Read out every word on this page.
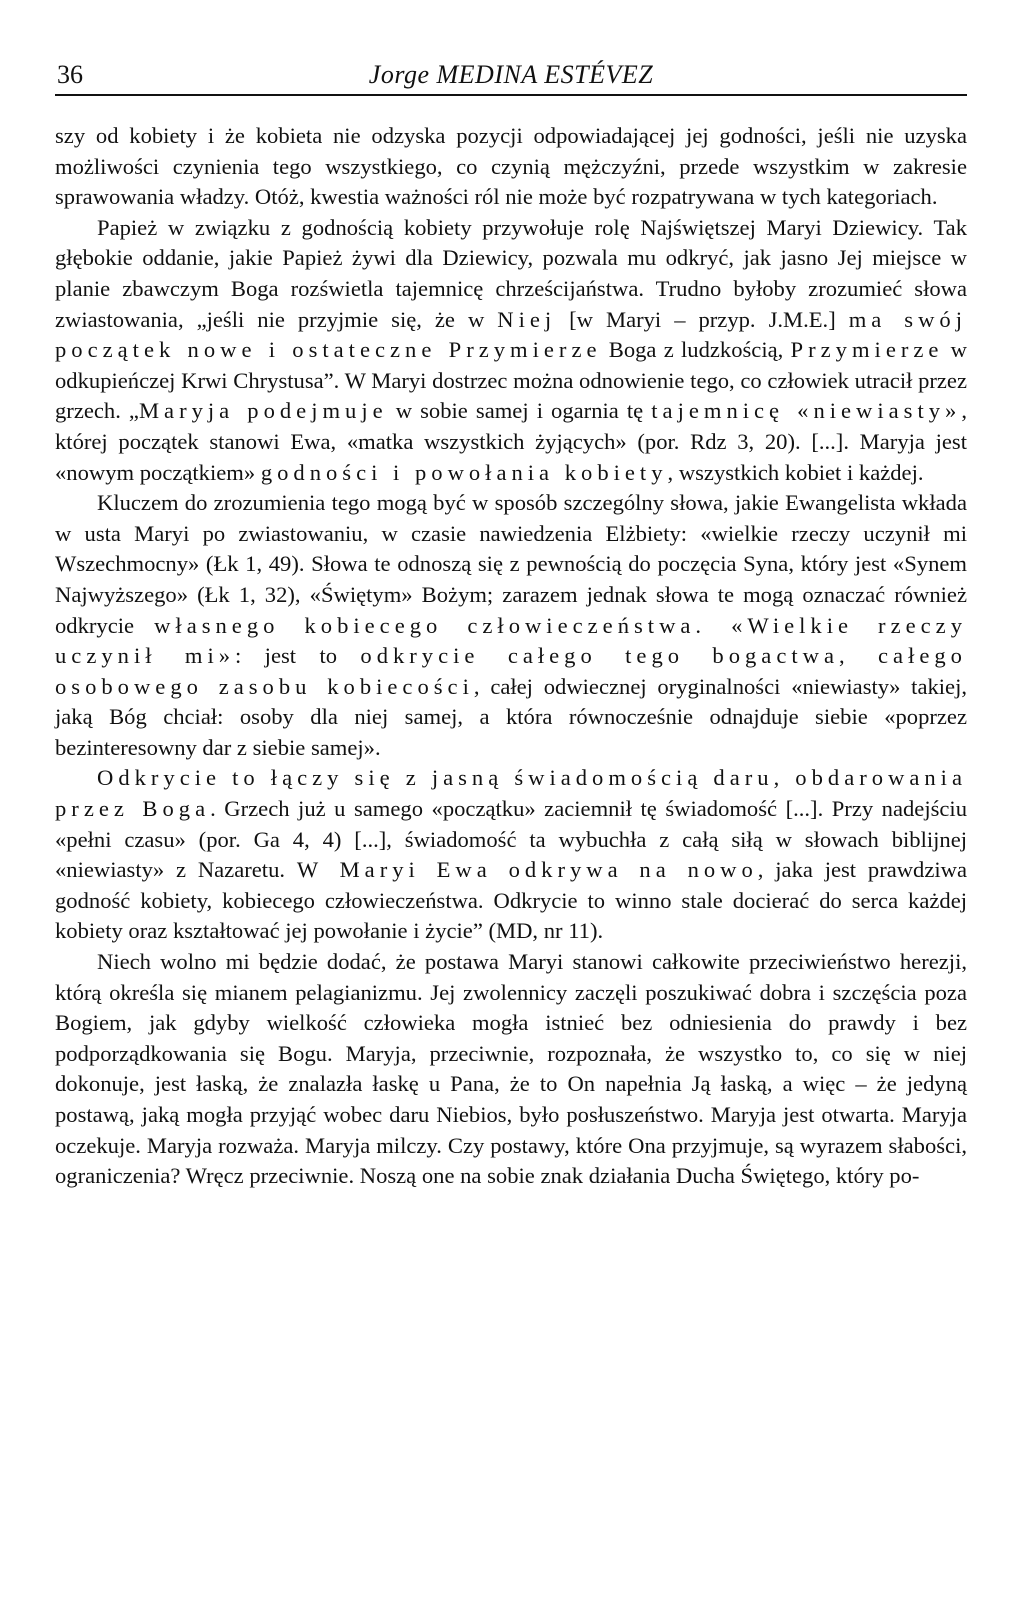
36	Jorge MEDINA ESTÉVEZ

szy od kobiety i że kobieta nie odzyska pozycji odpowiadającej jej godności, jeśli nie uzyska możliwości czynienia tego wszystkiego, co czynią mężczyźni, przede wszystkim w zakresie sprawowania władzy. Otóż, kwestia ważności ról nie może być rozpatrywana w tych kategoriach.

Papież w związku z godnością kobiety przywołuje rolę Najświętszej Maryi Dziewicy. Tak głębokie oddanie, jakie Papież żywi dla Dziewicy, pozwala mu odkryć, jak jasno Jej miejsce w planie zbawczym Boga rozświetla tajemnicę chrześcijaństwa. Trudno byłoby zrozumieć słowa zwiastowania, „jeśli nie przyjmie się, że w Niej [w Maryi – przyp. J.M.E.] ma swój początek nowe i ostateczne Przymierze Boga z ludzkością, Przymierze w odkupieńczej Krwi Chrystusa”. W Maryi dostrzec można odnowienie tego, co człowiek utracił przez grzech. „Maryja podejmuje w sobie samej i ogarnia tę tajemnicę «niewiasty», której początek stanowi Ewa, «matka wszystkich żyjących» (por. Rdz 3, 20). [...]. Maryja jest «nowym początkiem» godności i powołania kobiety, wszystkich kobiet i każdej.

Kluczem do zrozumienia tego mogą być w sposób szczególny słowa, jakie Ewangelista wkłada w usta Maryi po zwiastowaniu, w czasie nawiedzenia Elżbiety: «wielkie rzeczy uczynił mi Wszechmocny» (Łk 1, 49). Słowa te odnoszą się z pewnością do poczęcia Syna, który jest «Synem Najwyższego» (Łk 1, 32), «Świętym» Bożym; zarazem jednak słowa te mogą oznaczać również odkrycie własnego kobiecego człowieczeństwa. «Wielkie rzeczy uczynił mi»: jest to odkrycie całego tego bogactwa, całego osobowego zasobu kobiecości, całej odwiecznej oryginalności «niewiasty» takiej, jaką Bóg chciał: osoby dla niej samej, a która równocześnie odnajduje siebie «poprzez bezinteresowny dar z siebie samej».

Odkrycie to łączy się z jasną świadomością daru, obdarowania przez Boga. Grzech już u samego «początku» zaciemnił tę świadomość [...]. Przy nadejściu «pełni czasu» (por. Ga 4, 4) [...], świadomość ta wybuchła z całą siłą w słowach biblijnej «niewiasty» z Nazaretu. W Maryi Ewa odkrywa na nowo, jaka jest prawdziwa godność kobiety, kobiecego człowieczeństwa. Odkrycie to winno stale docierać do serca każdej kobiety oraz kształtować jej powołanie i życie” (MD, nr 11).

Niech wolno mi będzie dodać, że postawa Maryi stanowi całkowite przeciwieństwo herezji, którą określa się mianem pelagianizmu. Jej zwolennicy zaczęli poszukiwać dobra i szczęścia poza Bogiem, jak gdyby wielkość człowieka mogła istnieć bez odniesienia do prawdy i bez podporządkowania się Bogu. Maryja, przeciwnie, rozpoznała, że wszystko to, co się w niej dokonuje, jest łaską, że znalazła łaskę u Pana, że to On napełnia Ją łaską, a więc – że jedyną postawą, jaką mogła przyjąć wobec daru Niebios, było posłuszeństwo. Maryja jest otwarta. Maryja oczekuje. Maryja rozważa. Maryja milczy. Czy postawy, które Ona przyjmuje, są wyrazem słabości, ograniczenia? Wręcz przeciwnie. Noszą one na sobie znak działania Ducha Świętego, który po-
